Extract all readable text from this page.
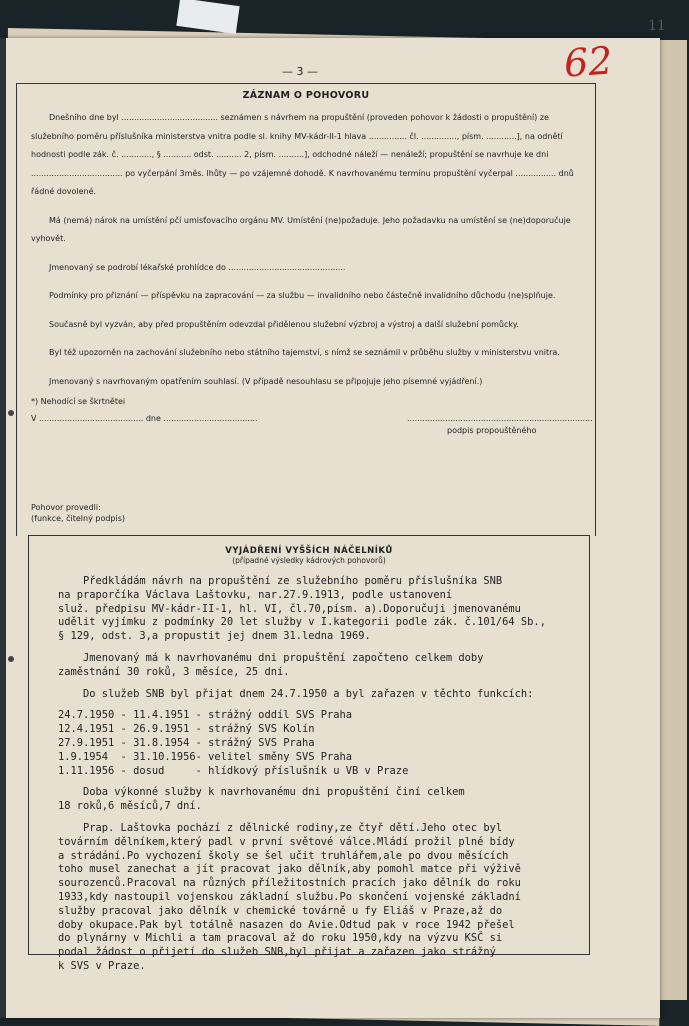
11
— 3 —	62
ZÁZNAM O POHOVORU

Dnešního dne byl ...................................... seznámen s návrhem na propuštění (proveden pohovor k žádosti o propuštění) ze služebního poměru příslušníka ministerstva vnitra podle sl. knihy MV-kádr-II-1 hlava ............... čl. .............., písm. ............], na odnětí hodnosti podle zák. č. ............, § ........... odst. .......... 2, písm. ..........], odchodné náleží — nenáleží; propuštění se navrhuje ke dni .................................... po vyčerpání 3měs. lhůty — po vzájemné dohodě. K navrhovanému termínu propuštění vyčerpal ................ dnů řádné dovolené.

Má (nemá) nárok na umístění pčí umisťovacího orgánu MV. Umístění (ne)požaduje. Jeho požadavku na umístění se (ne)doporučuje vyhovět.

Jmenovaný se podrobí lékařské prohlídce do ..............................................

Podmínky pro přiznání — příspěvku na zapracování — za službu — invalidního nebo částečně invalidního důchodu (ne)splňuje.

Současně byl vyzván, aby před propuštěním odevzdal přidělenou služební výzbroj a výstroj a další služební pomůcky.

Byl též upozorněn na zachování služebního nebo státního tajemství, s nímž se seznámil v průběhu služby v ministerstvu vnitra.

Jmenovaný s navrhovaným opatřením souhlasí. (V případě nesouhlasu se připojuje jeho písemné vyjádření.)

*) Nehodící se škrtnětei

V ......................................... dne .....................................	.........................................................................
podpis propouštěného
Pohovor provedli:
(funkce, čitelný podpis)
VYJÁDŘENÍ VYŠŠÍCH NÁČELNÍKŮ
(případné výsledky kádrových pohovorů)
Předkládám návrh na propuštění ze služebního poměru příslušníka SNB
na praporčíka Václava Laštovku, nar.27.9.1913, podle ustanovení
služ. předpisu MV-kádr-II-1, hl. VI, čl.70,písm. a).Doporučuji jmenovanému
udělit vyjímku z podmínky 20 let služby v I.kategorii podle zák. č.101/64 Sb.,
§ 129, odst. 3,a propustit jej dnem 31.ledna 1969.
Jmenovaný má k navrhovanému dni propuštění započteno celkem doby
zaměstnání 30 roků, 3 měsíce, 25 dní.
Do služeb SNB byl přijat dnem 24.7.1950 a byl zařazen v těchto funkcích:
24.7.1950 - 11.4.1951 - strážný oddíl SVS Praha
12.4.1951 - 26.9.1951 - strážný SVS Kolín
27.9.1951 - 31.8.1954 - strážný SVS Praha
1.9.1954  - 31.10.1956- velitel směny SVS Praha
1.11.1956 - dosud     - hlídkový příslušník u VB v Praze
Doba výkonné služby k navrhovanému dni propuštění činí celkem
18 roků,6 měsíců,7 dní.
Prap. Laštovka pochází z dělnické rodiny,ze čtyř dětí.Jeho otec byl
továrním dělníkem,který padl v první světové válce.Mládí prožil plné bídy
a strádání.Po vychození školy se šel učit truhlářem,ale po dvou měsících
toho musel zanechat a jít pracovat jako dělník,aby pomohl matce při výživě
sourozenců.Pracoval na různých příležitostních pracích jako dělník do roku
1933,kdy nastoupil vojenskou základní službu.Po skončení vojenské základní
služby pracoval jako dělník v chemické továrně u fy Eliáš v Praze,až do
doby okupace.Pak byl totálně nasazen do Avie.Odtud pak v roce 1942 přešel
do plynárny v Michli a tam pracoval až do roku 1950,kdy na výzvu KSČ si
podal žádost o přijetí do služeb SNB,byl přijat a zařazen jako strážný
k SVS v Praze.
